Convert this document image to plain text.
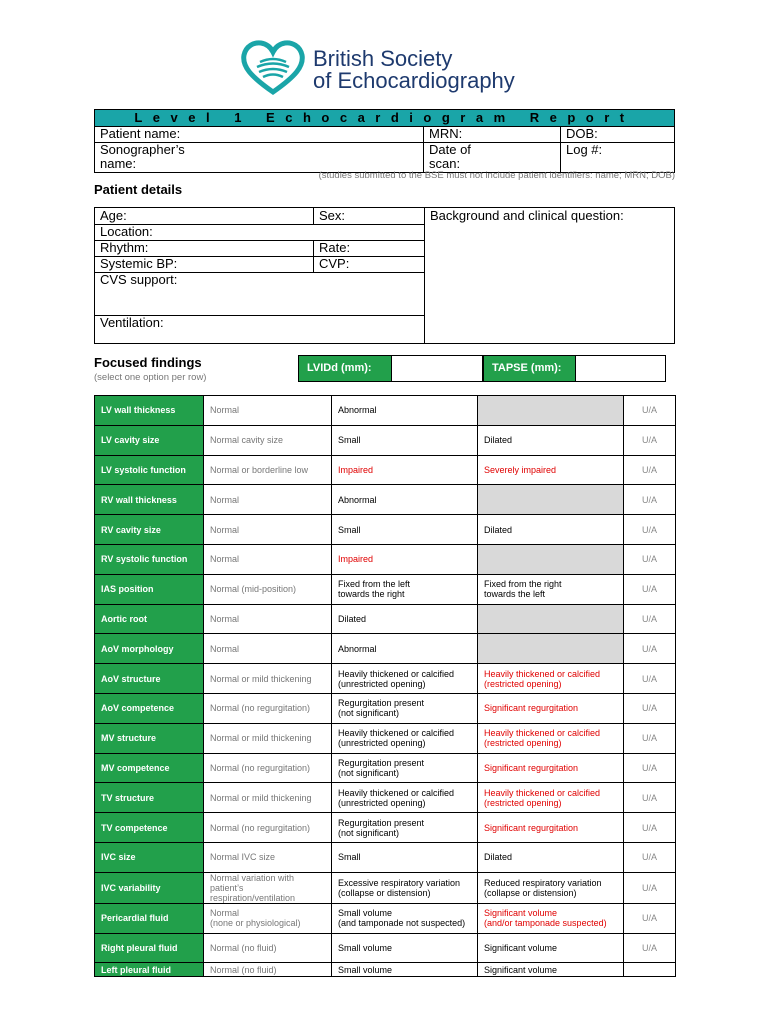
British Society
of Echocardiography
Level 1 Echocardiogram Report
Patient name:	MRN:	DOB:
Sonographer’s
name:
Date of
scan:
Log #:
(studies submitted to the BSE must not include patient identifiers: name; MRN; DOB)
Patient details
Age:	Sex:
Location:
Rhythm:	Rate:
Systemic BP:	CVP:
CVS support:
Ventilation:
Background and clinical question:
Focused findings
(select one option per row)
LVIDd (mm):	TAPSE (mm):
LV wall thickness	Normal	Abnormal		U/A
LV cavity size	Normal cavity size	Small	Dilated	U/A
LV systolic function	Normal or borderline low	Impaired	Severely impaired	U/A
RV wall thickness	Normal	Abnormal		U/A
RV cavity size	Normal	Small	Dilated	U/A
RV systolic function	Normal	Impaired		U/A
IAS position	Normal (mid-position)	Fixed from the left
towards the right	Fixed from the right
towards the left	U/A
Aortic root	Normal	Dilated		U/A
AoV morphology	Normal	Abnormal		U/A
AoV structure	Normal or mild thickening	Heavily thickened or calcified
(unrestricted opening)	Heavily thickened or calcified
(restricted opening)	U/A
AoV competence	Normal (no regurgitation)	Regurgitation present
(not significant)	Significant regurgitation	U/A
MV structure	Normal or mild thickening	Heavily thickened or calcified
(unrestricted opening)	Heavily thickened or calcified
(restricted opening)	U/A
MV competence	Normal (no regurgitation)	Regurgitation present
(not significant)	Significant regurgitation	U/A
TV structure	Normal or mild thickening	Heavily thickened or calcified
(unrestricted opening)	Heavily thickened or calcified
(restricted opening)	U/A
TV competence	Normal (no regurgitation)	Regurgitation present
(not significant)	Significant regurgitation	U/A
IVC size	Normal IVC size	Small	Dilated	U/A
IVC variability	Normal variation with patient’s
respiration/ventilation	Excessive respiratory variation
(collapse or distension)	Reduced respiratory variation
(collapse or distension)	U/A
Pericardial fluid	Normal
(none or physiological)	Small volume
(and tamponade not suspected)	Significant volume
(and/or tamponade suspected)	U/A
Right pleural fluid	Normal (no fluid)	Small volume	Significant volume	U/A
Left pleural fluid	Normal (no fluid)	Small volume	Significant volume	
